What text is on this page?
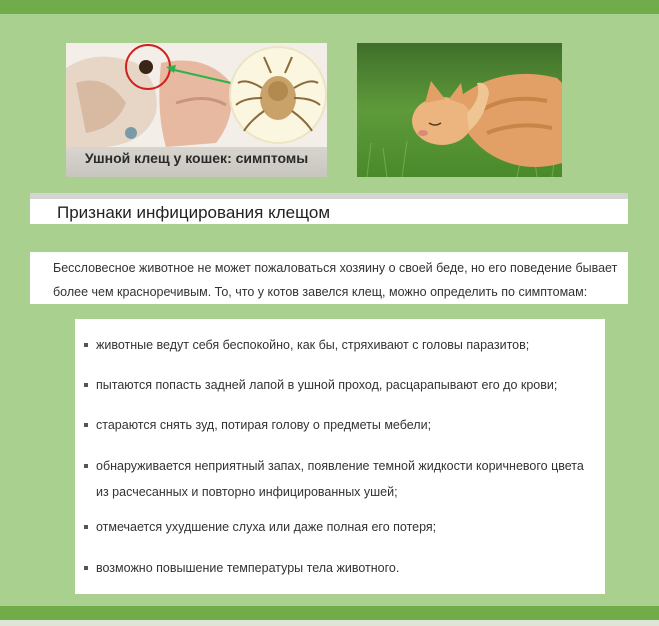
Ушной клещ у кошек: симптомы
Признаки инфицирования клещом

Бессловесное животное не может пожаловаться хозяину о своей беде, но его поведение бывает более чем красноречивым. То, что у котов завелся клещ, можно определить по симптомам:

животные ведут себя беспокойно, как бы, стряхивают с головы паразитов;
пытаются попасть задней лапой в ушной проход, расцарапывают его до крови;
стараются снять зуд, потирая голову о предметы мебели;
обнаруживается неприятный запах, появление темной жидкости коричневого цвета из расчесанных и повторно инфицированных ушей;
отмечается ухудшение слуха или даже полная его потеря;
возможно повышение температуры тела животного.
